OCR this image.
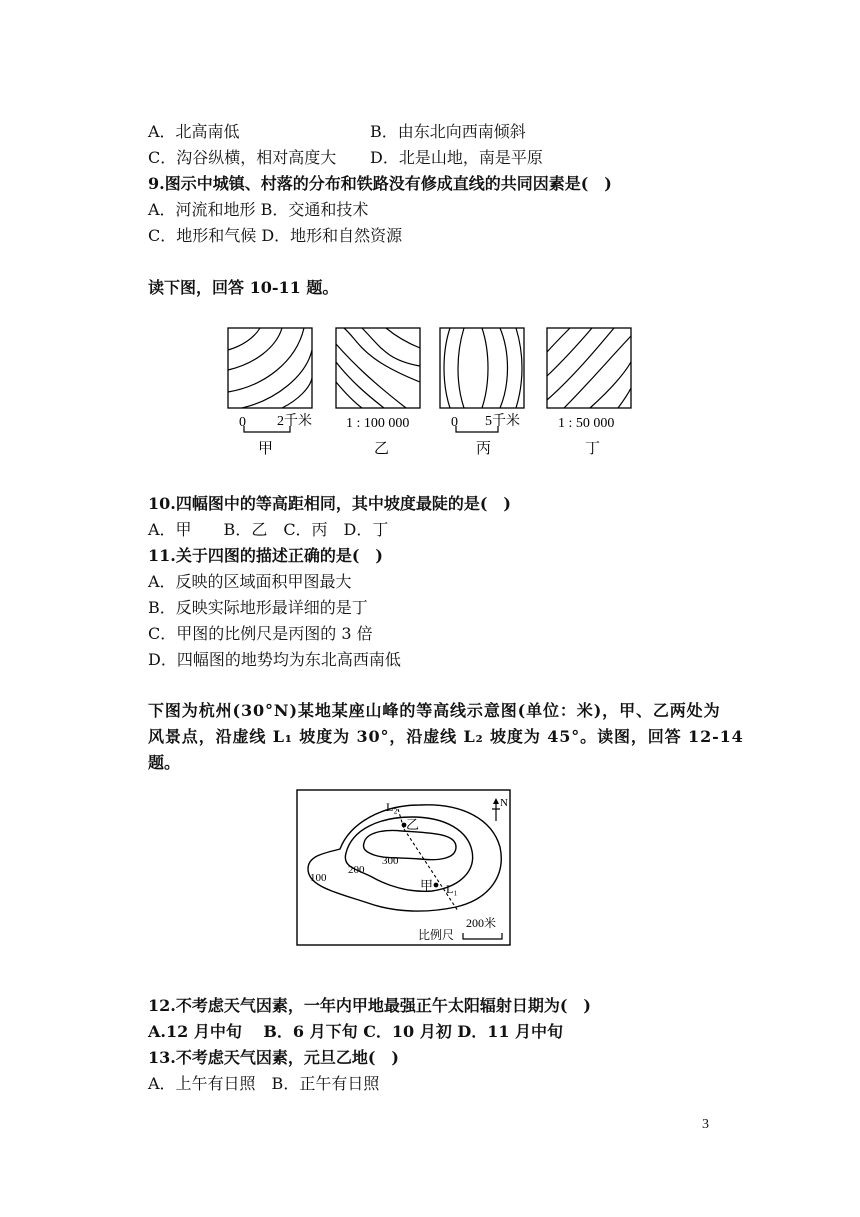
A．北高南低	B．由东北向西南倾斜
C．沟谷纵横，相对高度大 D．北是山地，南是平原
9.图示中城镇、村落的分布和铁路没有修成直线的共同因素是(　)
A．河流和地形 B．交通和技术
C．地形和气候 D．地形和自然资源
读下图，回答 10-11 题。
0 2千米
甲
1 : 100 000
乙
0 5千米
丙
1 : 50 000
丁
10.四幅图中的等高距相同，其中坡度最陡的是(　)
A．甲　　B．乙　C．丙　D．丁
11.关于四图的描述正确的是(　)
A．反映的区域面积甲图最大
B．反映实际地形最详细的是丁
C．甲图的比例尺是丙图的 3 倍
D．四幅图的地势均为东北高西南低
下图为杭州(30°N)某地某座山峰的等高线示意图(单位：米)，甲、乙两处为
风景点，沿虚线 L₁ 坡度为 30°，沿虚线 L₂ 坡度为 45°。读图，回答 12-14
题。
乙
甲 L₁
L₂
100
200
300
N
比例尺
200米
12.不考虑天气因素，一年内甲地最强正午太阳辐射日期为(　)
A.12 月中旬　 B．6 月下旬 C．10 月初 D．11 月中旬
13.不考虑天气因素，元旦乙地(　)
A．上午有日照　B．正午有日照
3
